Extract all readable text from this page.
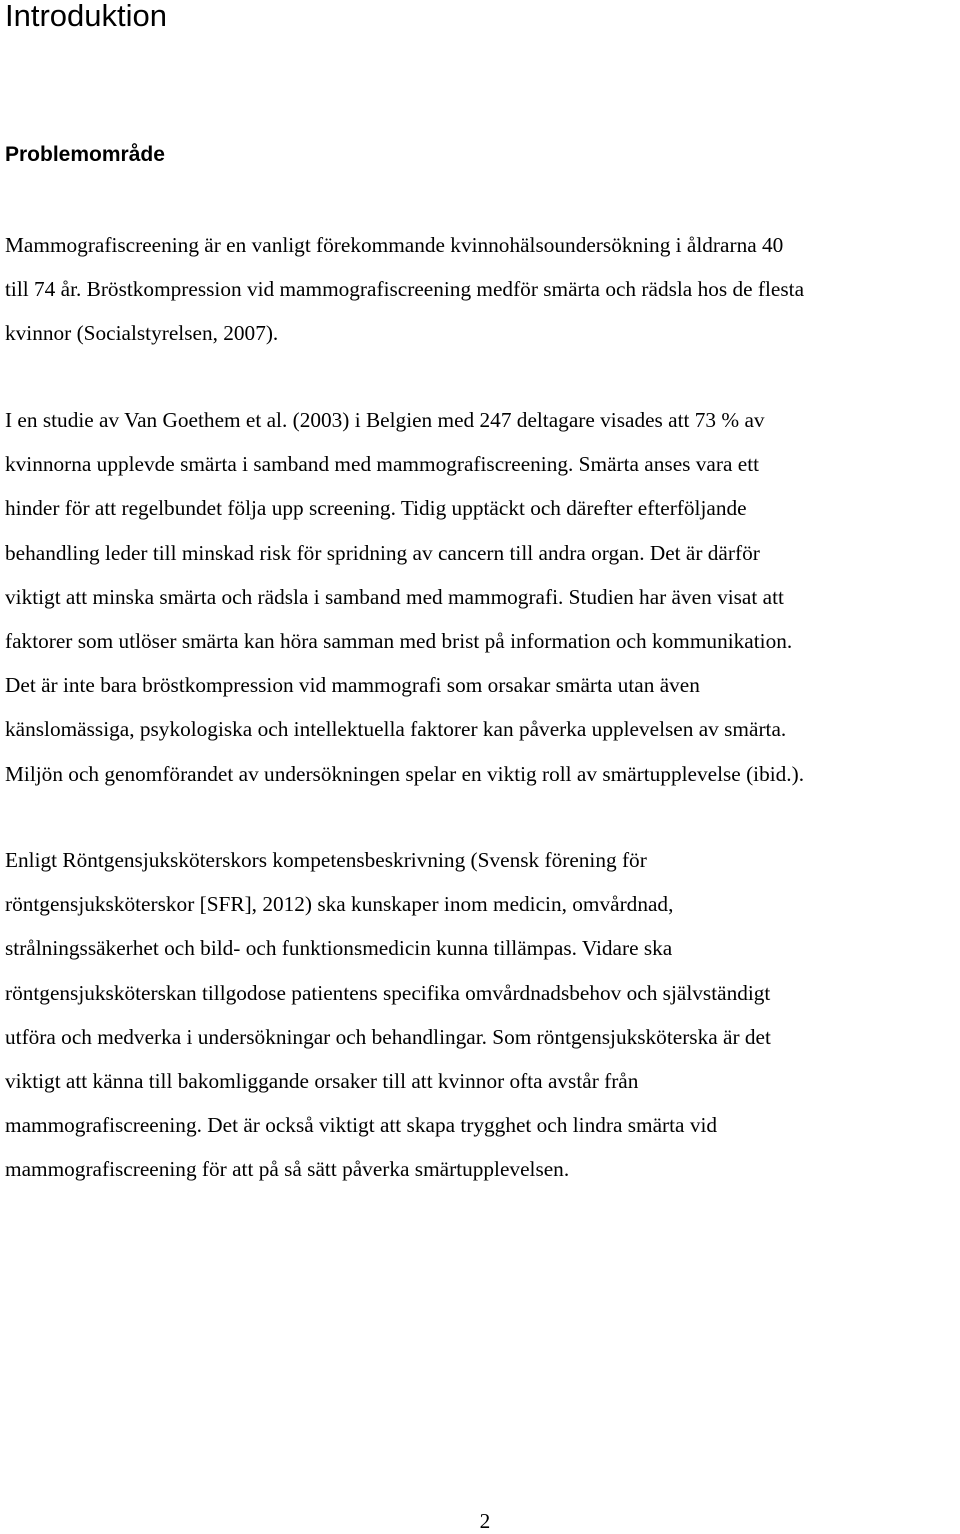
Introduktion
Problemområde

Mammografiscreening är en vanligt förekommande kvinnohälsoundersökning i åldrarna 40
till 74 år. Bröstkompression vid mammografiscreening medför smärta och rädsla hos de flesta
kvinnor (Socialstyrelsen, 2007).

I en studie av Van Goethem et al. (2003) i Belgien med 247 deltagare visades att 73 % av
kvinnorna upplevde smärta i samband med mammografiscreening. Smärta anses vara ett
hinder för att regelbundet följa upp screening. Tidig upptäckt och därefter efterföljande
behandling leder till minskad risk för spridning av cancern till andra organ. Det är därför
viktigt att minska smärta och rädsla i samband med mammografi. Studien har även visat att
faktorer som utlöser smärta kan höra samman med brist på information och kommunikation.
Det är inte bara bröstkompression vid mammografi som orsakar smärta utan även
känslomässiga, psykologiska och intellektuella faktorer kan påverka upplevelsen av smärta.
Miljön och genomförandet av undersökningen spelar en viktig roll av smärtupplevelse (ibid.).

Enligt Röntgensjuksköterskors kompetensbeskrivning (Svensk förening för
röntgensjuksköterskor [SFR], 2012) ska kunskaper inom medicin, omvårdnad,
strålningssäkerhet och bild- och funktionsmedicin kunna tillämpas. Vidare ska
röntgensjuksköterskan tillgodose patientens specifika omvårdnadsbehov och självständigt
utföra och medverka i undersökningar och behandlingar. Som röntgensjuksköterska är det
viktigt att känna till bakomliggande orsaker till att kvinnor ofta avstår från
mammografiscreening. Det är också viktigt att skapa trygghet och lindra smärta vid
mammografiscreening för att på så sätt påverka smärtupplevelsen.

2
